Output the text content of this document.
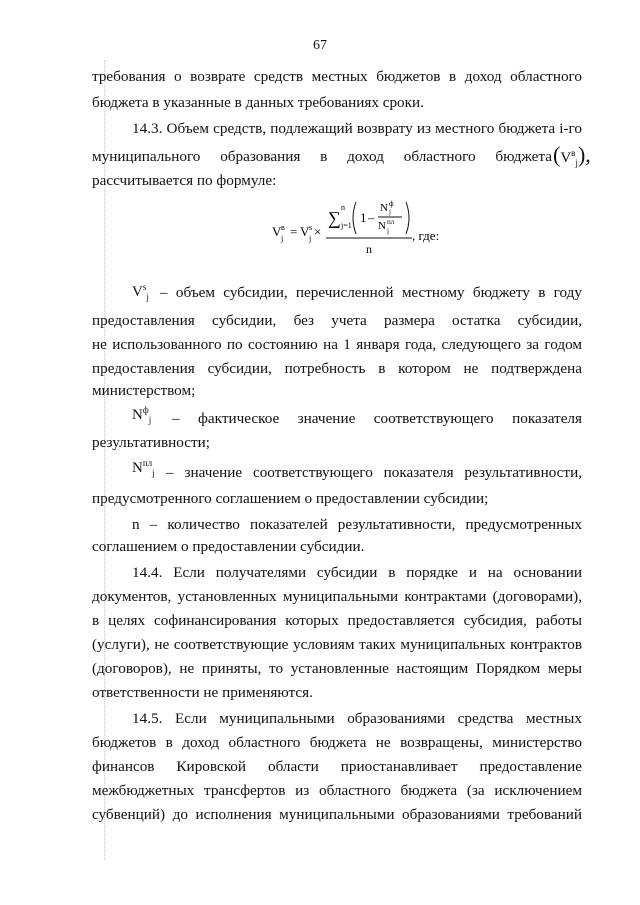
67
требования о возврате средств местных бюджетов в доход областного
бюджета в указанные в данных требованиях сроки.
14.3. Объем средств, подлежащий возврату из местного бюджета i-го
муниципального образования в доход областного бюджета $(V^в_j)$,
рассчитывается по формуле:
V в
j = V s
j ×
∑
n
j=1
1 –
N ф
j
N пл
j
n
, где:
$V^s_j$ – объем субсидии, перечисленной местному бюджету в году
предоставления субсидии, без учета размера остатка субсидии,
не использованного по состоянию на 1 января года, следующего за годом
предоставления субсидии, потребность в котором не подтверждена
министерством;
$N^ф_j$ – фактическое значение соответствующего показателя
результативности;
$N^{пл}_j$ – значение соответствующего показателя результативности,
предусмотренного соглашением о предоставлении субсидии;
n – количество показателей результативности, предусмотренных
соглашением о предоставлении субсидии.
14.4. Если получателями субсидии в порядке и на основании
документов, установленных муниципальными контрактами (договорами),
в целях софинансирования которых предоставляется субсидия, работы
(услуги), не соответствующие условиям таких муниципальных контрактов
(договоров), не приняты, то установленные настоящим Порядком меры
ответственности не применяются.
14.5. Если муниципальными образованиями средства местных
бюджетов в доход областного бюджета не возвращены, министерство
финансов Кировской области приостанавливает предоставление
межбюджетных трансфертов из областного бюджета (за исключением
субвенций) до исполнения муниципальными образованиями требований
